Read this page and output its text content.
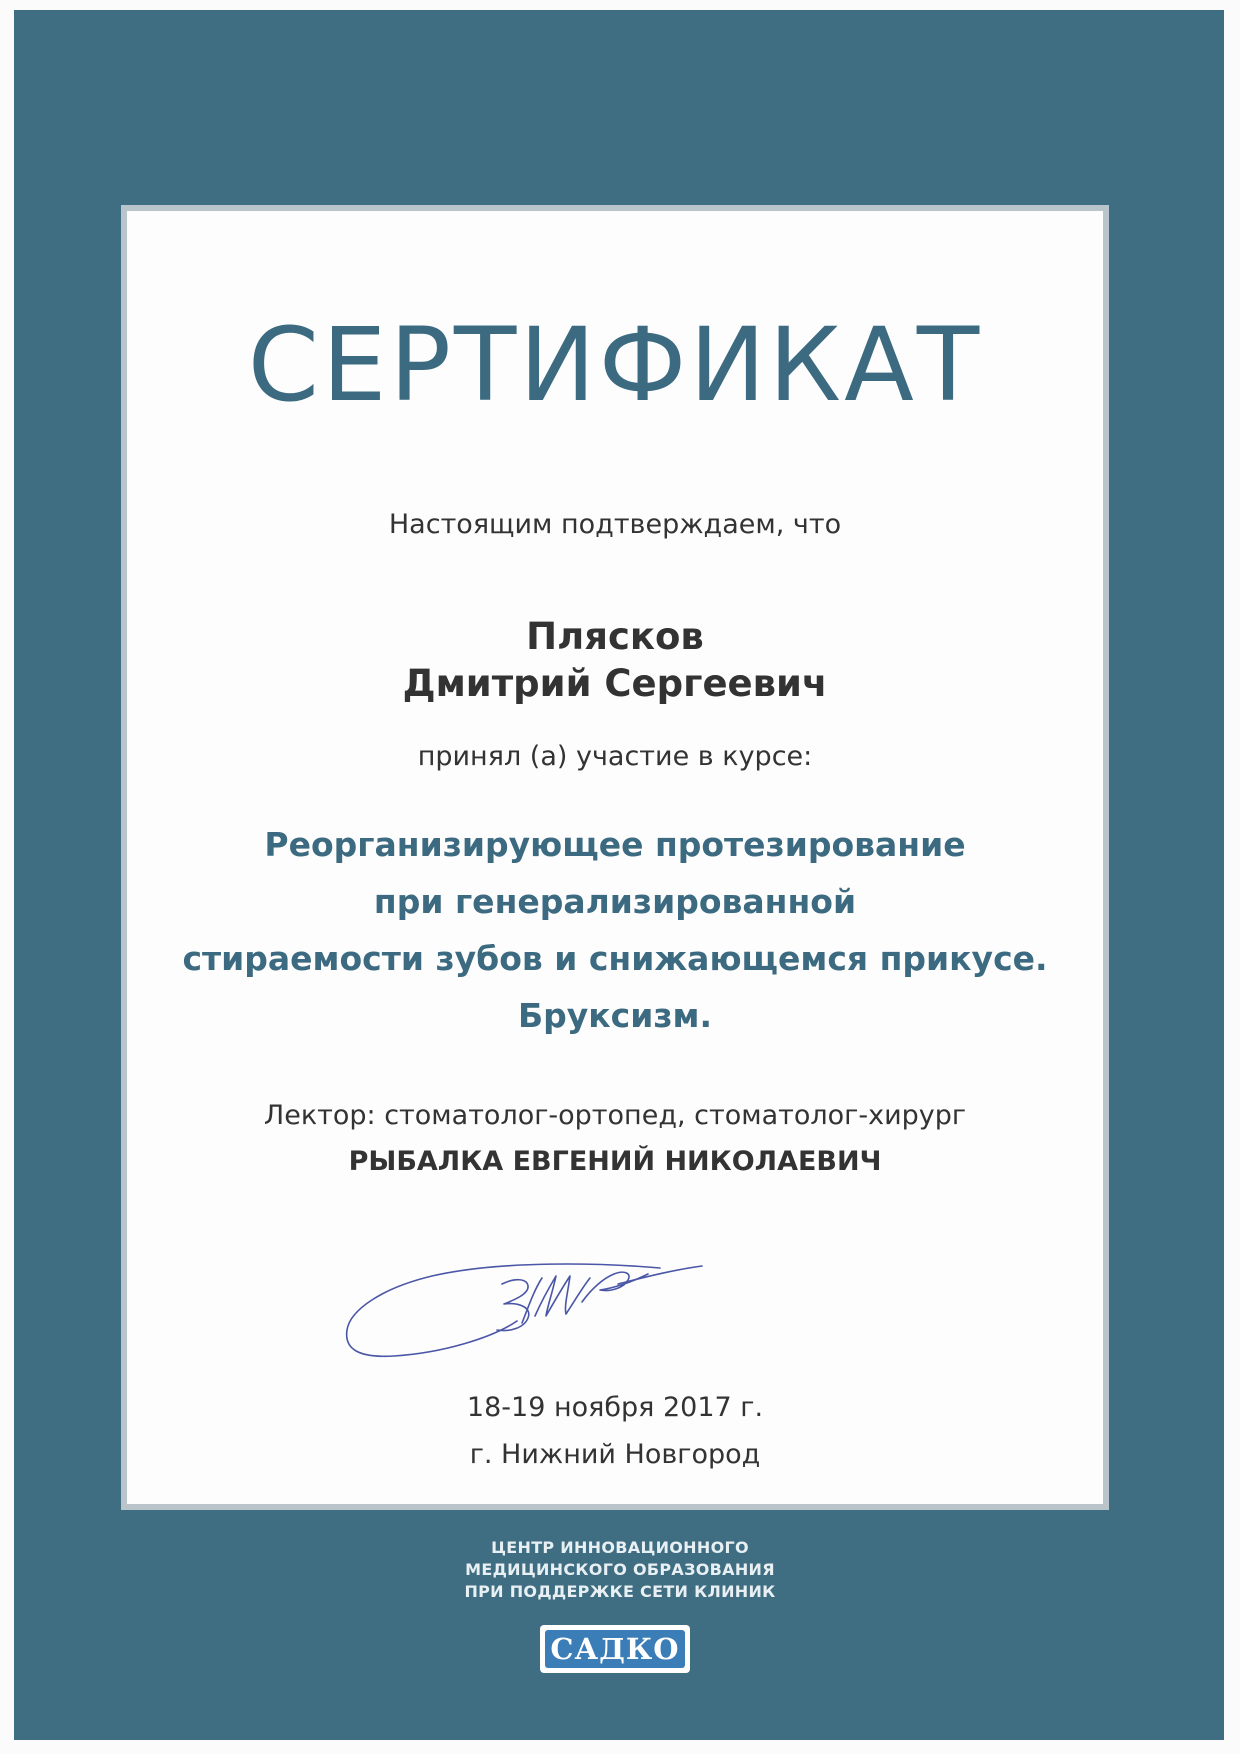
СЕРТИФИКАТ
Настоящим подтверждаем, что
Плясков
Дмитрий Сергеевич
принял (а) участие в курсе:
Реорганизирующее протезирование
при генерализированной
стираемости зубов и снижающемся прикусе.
Бруксизм.
Лектор: стоматолог-ортопед, стоматолог-хирург
РЫБАЛКА ЕВГЕНИЙ НИКОЛАЕВИЧ
18-19 ноября 2017 г.
г. Нижний Новгород
ЦЕНТР ИННОВАЦИОННОГО
МЕДИЦИНСКОГО ОБРАЗОВАНИЯ
ПРИ ПОДДЕРЖКЕ СЕТИ КЛИНИК
САДКО
